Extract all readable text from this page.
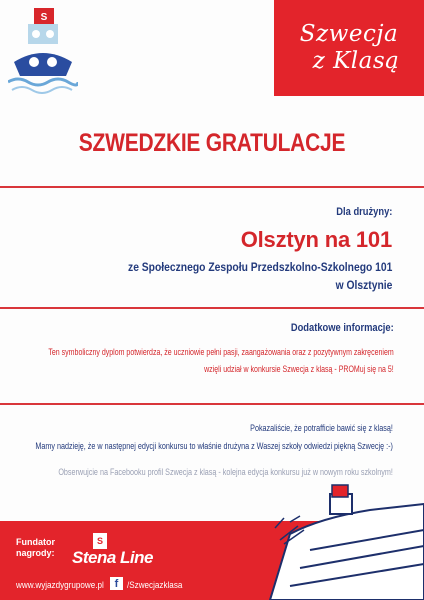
S
Szwecja
z Klasą
SZWEDZKIE GRATULACJE
Dla drużyny:
Olsztyn na 101
ze Społecznego Zespołu Przedszkolno-Szkolnego 101
w Olsztynie
Dodatkowe informacje:
Ten symboliczny dyplom potwierdza, że uczniowie pełni pasji, zaangażowania oraz z pozytywnym zakręceniem
wzięli udział w konkursie Szwecja z klasą - PROMuj się na 5!
Pokazaliście, że potrafficie bawić się z klasą!
Mamy nadzieję, że w następnej edycji konkursu to właśnie drużyna z Waszej szkoły odwiedzi piękną Szwecję :-)
Obserwujcie na Facebooku profil Szwecja z klasą - kolejna edycja konkursu już w nowym roku szkolnym!
Fundator
nagrody:
S
Stena Line
www.wyjazdygrupowe.pl f /Szwecjazklasa
